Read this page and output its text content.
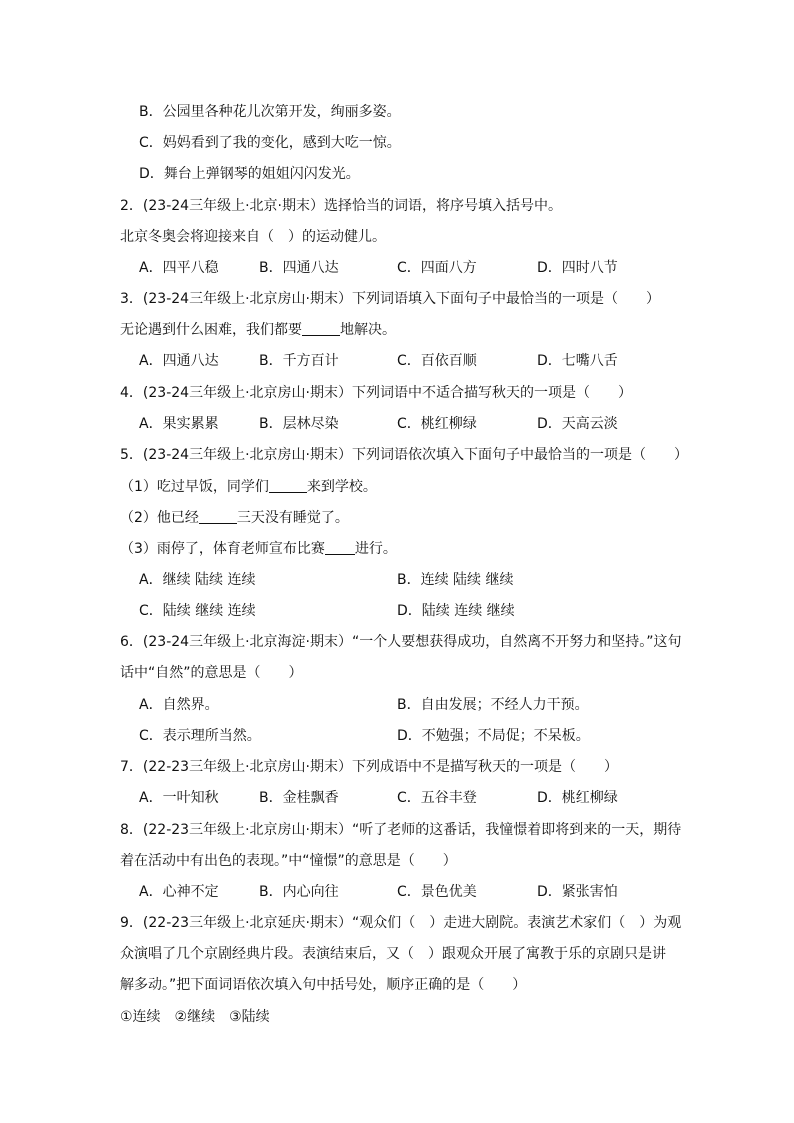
B．公园里各种花儿次第开发，绚丽多姿。
C．妈妈看到了我的变化，感到大吃一惊。
D．舞台上弹钢琴的姐姐闪闪发光。
2．(23-24三年级上·北京·期末）选择恰当的词语，将序号填入括号中。
北京冬奥会将迎接来自（　）的运动健儿。
A．四平八稳	B．四通八达	C．四面八方	D．四时八节
3．(23-24三年级上·北京房山·期末）下列词语填入下面句子中最恰当的一项是（　　）
无论遇到什么困难，我们都要	地解决。
A．四通八达	B．千方百计	C．百依百顺	D．七嘴八舌
4．(23-24三年级上·北京房山·期末）下列词语中不适合描写秋天的一项是（　　）
A．果实累累	B．层林尽染	C．桃红柳绿	D．天高云淡
5．(23-24三年级上·北京房山·期末）下列词语依次填入下面句子中最恰当的一项是（　　）
（1）吃过早饭，同学们	来到学校。
（2）他已经	三天没有睡觉了。
（3）雨停了，体育老师宣布比赛 进行。
A．继续 陆续 连续	B．连续 陆续 继续
C．陆续 继续 连续	D．陆续 连续 继续
6．(23-24三年级上·北京海淀·期末）“一个人要想获得成功，自然离不开努力和坚持。”这句
话中“自然”的意思是（　　）
A．自然界。	B．自由发展；不经人力干预。
C．表示理所当然。	D．不勉强；不局促；不呆板。
7．(22-23三年级上·北京房山·期末）下列成语中不是描写秋天的一项是（　　）
A．一叶知秋	B．金桂飘香	C．五谷丰登	D．桃红柳绿
8．(22-23三年级上·北京房山·期末）“听了老师的这番话，我憧憬着即将到来的一天，期待
着在活动中有出色的表现。”中“憧憬”的意思是（　　）
A．心神不定	B．内心向往	C．景色优美	D．紧张害怕
9．(22-23三年级上·北京延庆·期末）“观众们（　）走进大剧院。表演艺术家们（　）为观
众演唱了几个京剧经典片段。表演结束后，又（　）跟观众开展了寓教于乐的京剧只是讲
解多动。”把下面词语依次填入句中括号处，顺序正确的是（　　）
①连续　②继续　③陆续
